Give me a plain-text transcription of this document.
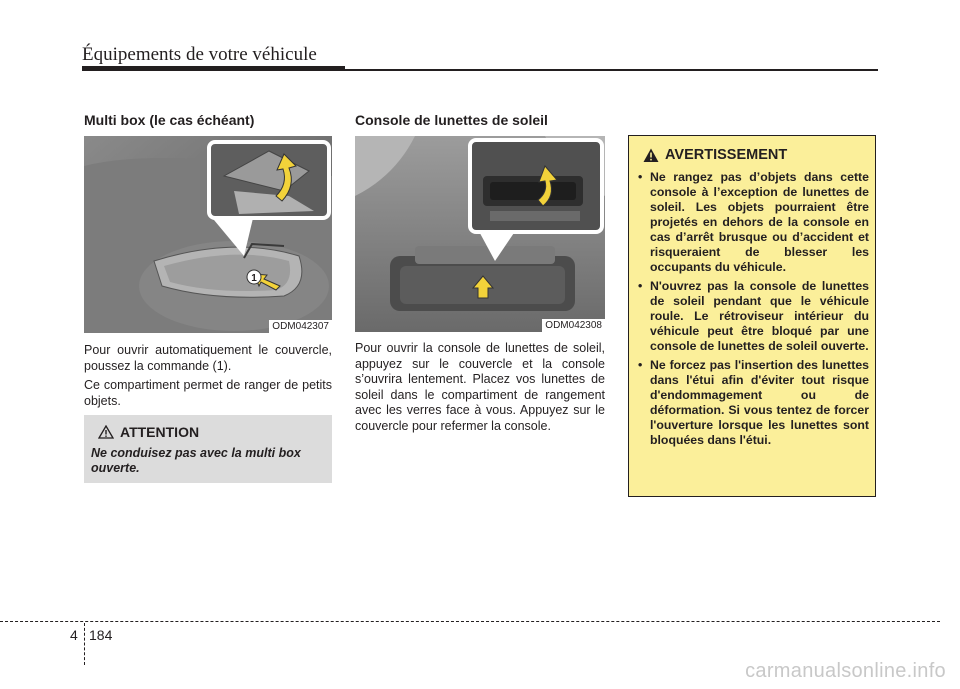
Équipements de votre véhicule
Multi box (le cas échéant)
1
ODM042307

Pour ouvrir automatiquement le couvercle, poussez la commande (1).

Ce compartiment permet de ranger de petits objets.

ATTENTION
Ne conduisez pas avec la multi box ouverte.
Console de lunettes de soleil
ODM042308

Pour ouvrir la console de lunettes de soleil, appuyez sur le couvercle et la console s’ouvrira lentement. Placez vos lunettes de soleil dans le compartiment de rangement avec les verres face à vous. Appuyez sur le couvercle pour refermer la console.

AVERTISSEMENT
• Ne rangez pas d’objets dans cette console à l’exception de lunettes de soleil. Les objets pourraient être projetés en dehors de la console en cas d’arrêt brusque ou d’accident et risqueraient de blesser les occupants du véhicule.
• N'ouvrez pas la console de lunettes de soleil pendant que le véhicule roule. Le rétroviseur intérieur du véhicule peut être bloqué par une console de lunettes de soleil ouverte.
• Ne forcez pas l'insertion des lunettes dans l'étui afin d'éviter tout risque d'endommagement ou de déformation. Si vous tentez de forcer l'ouverture lorsque les lunettes sont bloquées dans l'étui.
4 184
carmanualsonline.info
